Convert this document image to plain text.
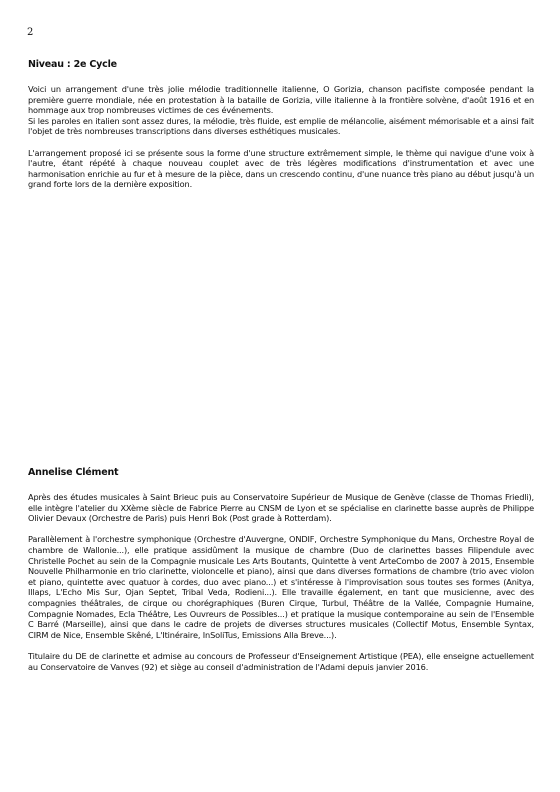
2
Niveau : 2e Cycle

Voici un arrangement d'une très jolie mélodie traditionnelle italienne, O Gorizia, chanson pacifiste composée pendant la première guerre mondiale, née en protestation à la bataille de Gorizia, ville italienne à la frontière solvène, d'août 1916 et en hommage aux trop nombreuses victimes de ces événements.

Si les paroles en italien sont assez dures, la mélodie, très fluide, est emplie de mélancolie, aisément mémorisable et a ainsi fait l'objet de très nombreuses transcriptions dans diverses esthétiques musicales.

L'arrangement proposé ici se présente sous la forme d'une structure extrêmement simple, le thème qui navigue d'une voix à l'autre, étant répété à chaque nouveau couplet avec de très légères modifications d'instrumentation et avec une harmonisation enrichie au fur et à mesure de la pièce, dans un crescendo continu, d'une nuance très piano au début jusqu'à un grand forte lors de la dernière exposition.

Annelise Clément

Après des études musicales à Saint Brieuc puis au Conservatoire Supérieur de Musique de Genève (classe de Thomas Friedli), elle intègre l'atelier du XXème siècle de Fabrice Pierre au CNSM de Lyon et se spécialise en clarinette basse auprès de Philippe Olivier Devaux (Orchestre de Paris) puis Henri Bok (Post grade à Rotterdam).

Parallèlement à l'orchestre symphonique (Orchestre d'Auvergne, ONDIF, Orchestre Symphonique du Mans, Orchestre Royal de chambre de Wallonie...), elle pratique assidûment la musique de chambre (Duo de clarinettes basses Filipendule avec Christelle Pochet au sein de la Compagnie musicale Les Arts Boutants, Quintette à vent ArteCombo de 2007 à 2015, Ensemble Nouvelle Philharmonie en trio clarinette, violoncelle et piano), ainsi que dans diverses formations de chambre (trio avec violon et piano, quintette avec quatuor à cordes, duo avec piano...) et s'intéresse à l'improvisation sous toutes ses formes (Anitya, Illaps, L'Echo Mis Sur, Ojan Septet, Tribal Veda, Rodieni...). Elle travaille également, en tant que musicienne, avec des compagnies théâtrales, de cirque ou chorégraphiques (Buren Cirque, Turbul, Théâtre de la Vallée, Compagnie Humaine, Compagnie Nomades, Ecla Théâtre, Les Ouvreurs de Possibles...) et pratique la musique contemporaine au sein de l'Ensemble C Barré (Marseille), ainsi que dans le cadre de projets de diverses structures musicales (Collectif Motus, Ensemble Syntax, CIRM de Nice, Ensemble Skêné, L'Itinéraire, InSoliTus, Emissions Alla Breve...).

Titulaire du DE de clarinette et admise au concours de Professeur d'Enseignement Artistique (PEA), elle enseigne actuellement au Conservatoire de Vanves (92) et siège au conseil d'administration de l'Adami depuis janvier 2016.
